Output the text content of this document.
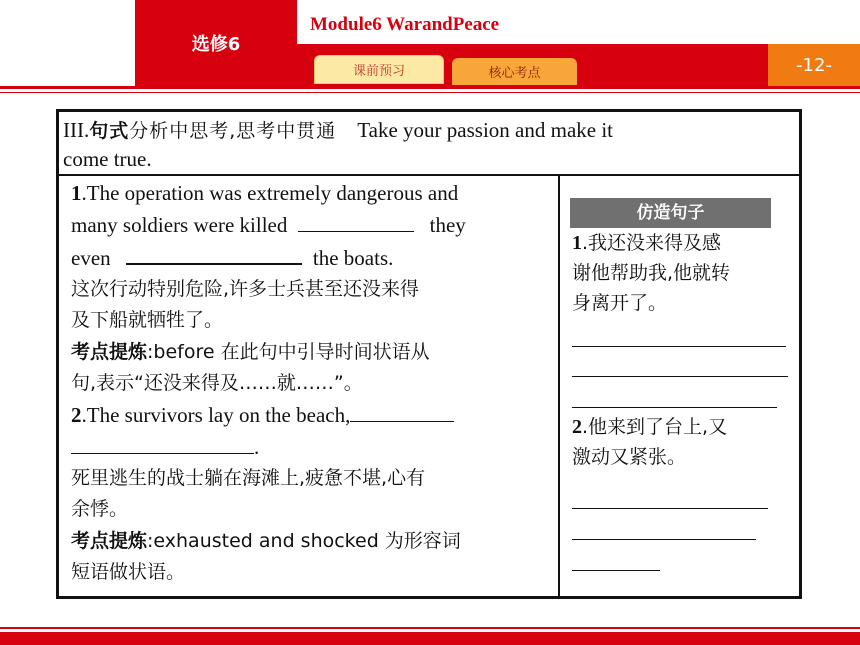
选修6
Module6 WarandPeace
课前预习	核心考点	-12-
III.句式分析中思考,思考中贯通 Take your passion and make it
come true.
1.The operation was extremely dangerous and
many soldiers were killed	they
even	the boats.
这次行动特别危险,许多士兵甚至还没来得
及下船就牺牲了。
考点提炼:before 在此句中引导时间状语从
句,表示“还没来得及……就……”。
2.The survivors lay on the beach,
.
死里逃生的战士躺在海滩上,疲惫不堪,心有
余悸。
考点提炼:exhausted and shocked 为形容词
短语做状语。
仿造句子
1.我还没来得及感
谢他帮助我,他就转
身离开了。
2.他来到了台上,又
激动又紧张。
